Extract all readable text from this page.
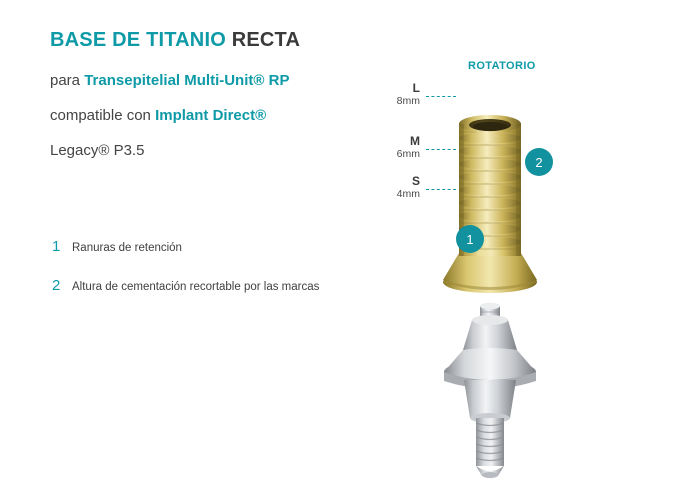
BASE DE TITANIO RECTA
para Transepitelial Multi-Unit® RP
compatible con Implant Direct®
Legacy® P3.5
1	Ranuras de retención
2	Altura de cementación recortable por las marcas
ROTATORIO
L
8mm
M
6mm
S
4mm
1
2
